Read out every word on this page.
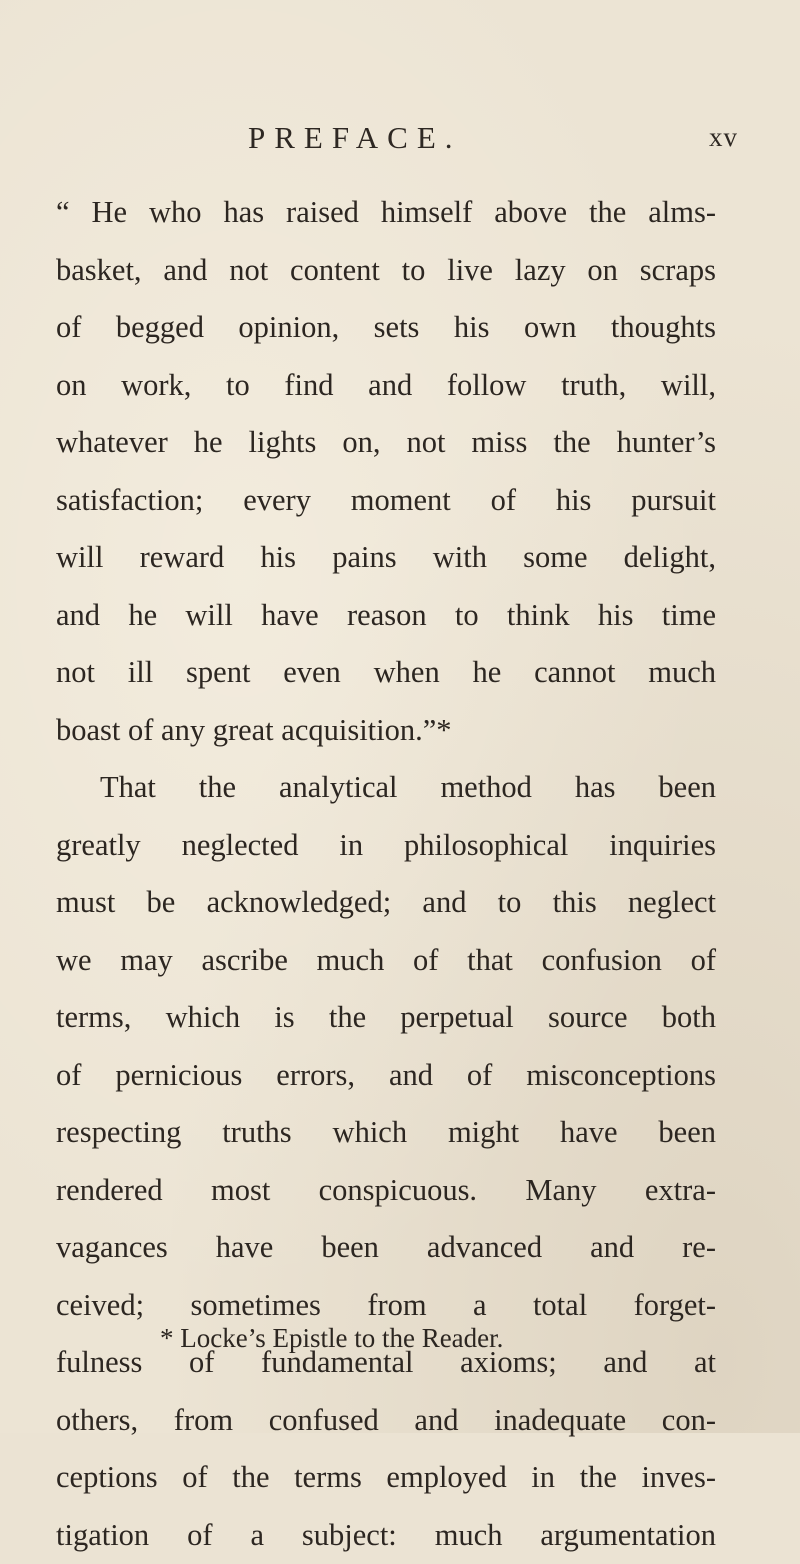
PREFACE.	xv
“ He who has raised himself above the alms-
basket, and not content to live lazy on scraps
of begged opinion, sets his own thoughts
on work, to find and follow truth, will,
whatever he lights on, not miss the hunter’s
satisfaction; every moment of his pursuit
will reward his pains with some delight,
and he will have reason to think his time
not ill spent even when he cannot much
boast of any great acquisition.”*
That the analytical method has been
greatly neglected in philosophical inquiries
must be acknowledged; and to this neglect
we may ascribe much of that confusion of
terms, which is the perpetual source both
of pernicious errors, and of misconceptions
respecting truths which might have been
rendered most conspicuous. Many extra-
vagances have been advanced and re-
ceived; sometimes from a total forget-
fulness of fundamental axioms; and at
others, from confused and inadequate con-
ceptions of the terms employed in the inves-
tigation of a subject: much argumentation
* Locke’s Epistle to the Reader.
